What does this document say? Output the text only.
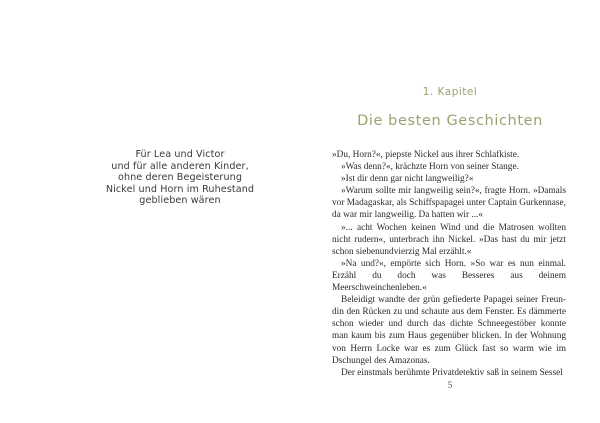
Für Lea und Victor
und für alle anderen Kinder,
ohne deren Begeisterung
Nickel und Horn im Ruhestand
geblieben wären
1. Kapitel
Die besten Geschichten

»Du, Horn?«, piepste Nickel aus ihrer Schlafkiste.

»Was denn?«, krächzte Horn von seiner Stange.

»Ist dir denn gar nicht langweilig?«

»Warum sollte mir langweilig sein?«, fragte Horn. »Damals vor Madagaskar, als Schiffspapagei unter Captain Gurkennase, da war mir langweilig. Da hatten wir ...«

»... acht Wochen keinen Wind und die Matrosen wollten nicht rudern«, unterbrach ihn Nickel. »Das hast du mir jetzt schon siebenundvierzig Mal erzählt.«

»Na und?«, empörte sich Horn. »So war es nun einmal. Erzähl du doch was Besseres aus deinem Meerschweinchenleben.«

Beleidigt wandte der grün gefiederte Papagei seiner Freundin den Rücken zu und schaute aus dem Fenster. Es dämmerte schon wieder und durch das dichte Schneegestöber konnte man kaum bis zum Haus gegenüber blicken. In der Wohnung von Herrn Locke war es zum Glück fast so warm wie im Dschungel des Amazonas.

Der einstmals berühmte Privatdetektiv saß in seinem Sessel

5
